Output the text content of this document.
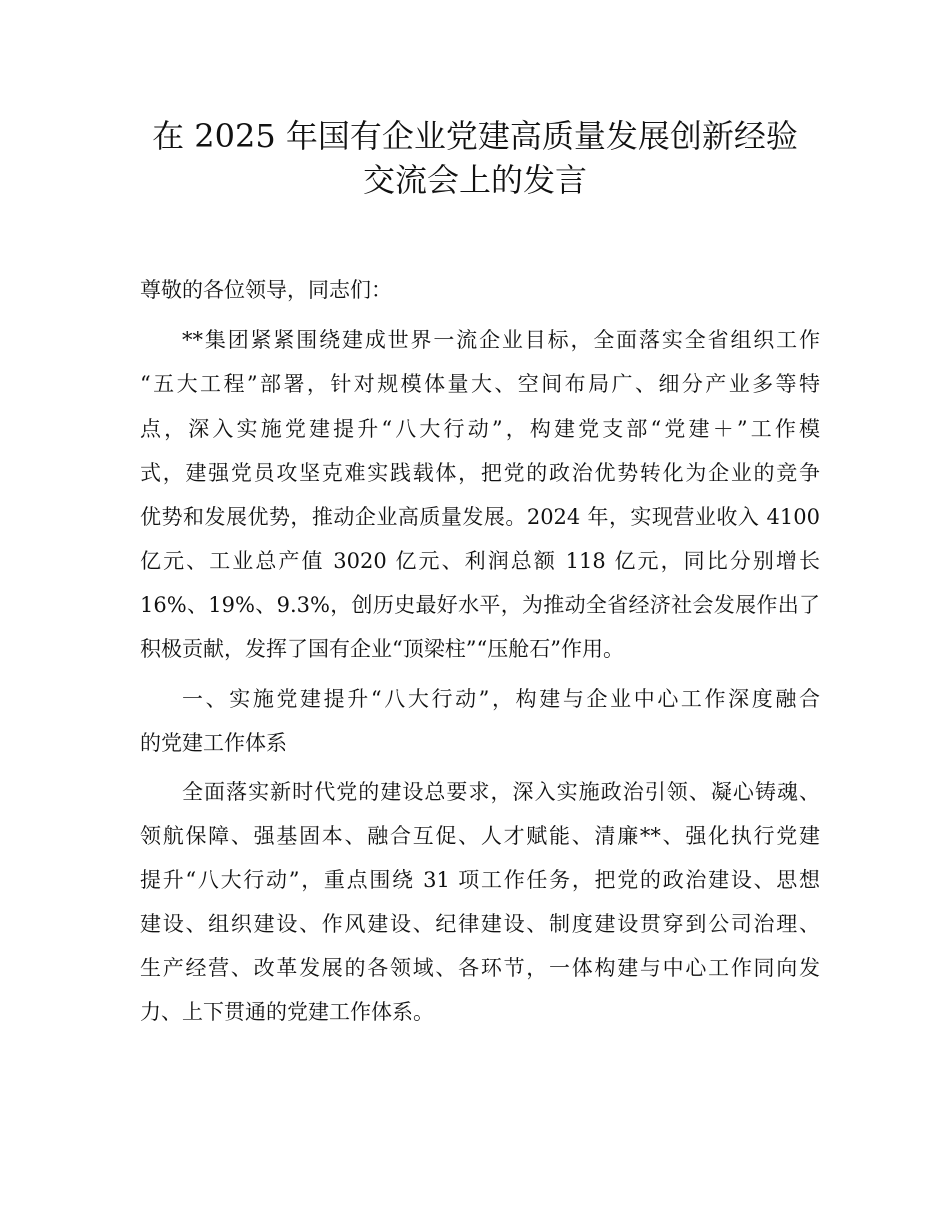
在 2025 年国有企业党建高质量发展创新经验
交流会上的发言
尊敬的各位领导，同志们：
**集团紧紧围绕建成世界一流企业目标，全面落实全省组织工作
“五大工程”部署，针对规模体量大、空间布局广、细分产业多等特
点，深入实施党建提升“八大行动”，构建党支部“党建＋”工作模
式，建强党员攻坚克难实践载体，把党的政治优势转化为企业的竞争
优势和发展优势，推动企业高质量发展。2024 年，实现营业收入 4100
亿元、工业总产值 3020 亿元、利润总额 118 亿元，同比分别增长
16%、19%、9.3%，创历史最好水平，为推动全省经济社会发展作出了
积极贡献，发挥了国有企业“顶梁柱”“压舱石”作用。
一、实施党建提升“八大行动”，构建与企业中心工作深度融合
的党建工作体系
全面落实新时代党的建设总要求，深入实施政治引领、凝心铸魂、
领航保障、强基固本、融合互促、人才赋能、清廉**、强化执行党建
提升“八大行动”，重点围绕 31 项工作任务，把党的政治建设、思想
建设、组织建设、作风建设、纪律建设、制度建设贯穿到公司治理、
生产经营、改革发展的各领域、各环节，一体构建与中心工作同向发
力、上下贯通的党建工作体系。
